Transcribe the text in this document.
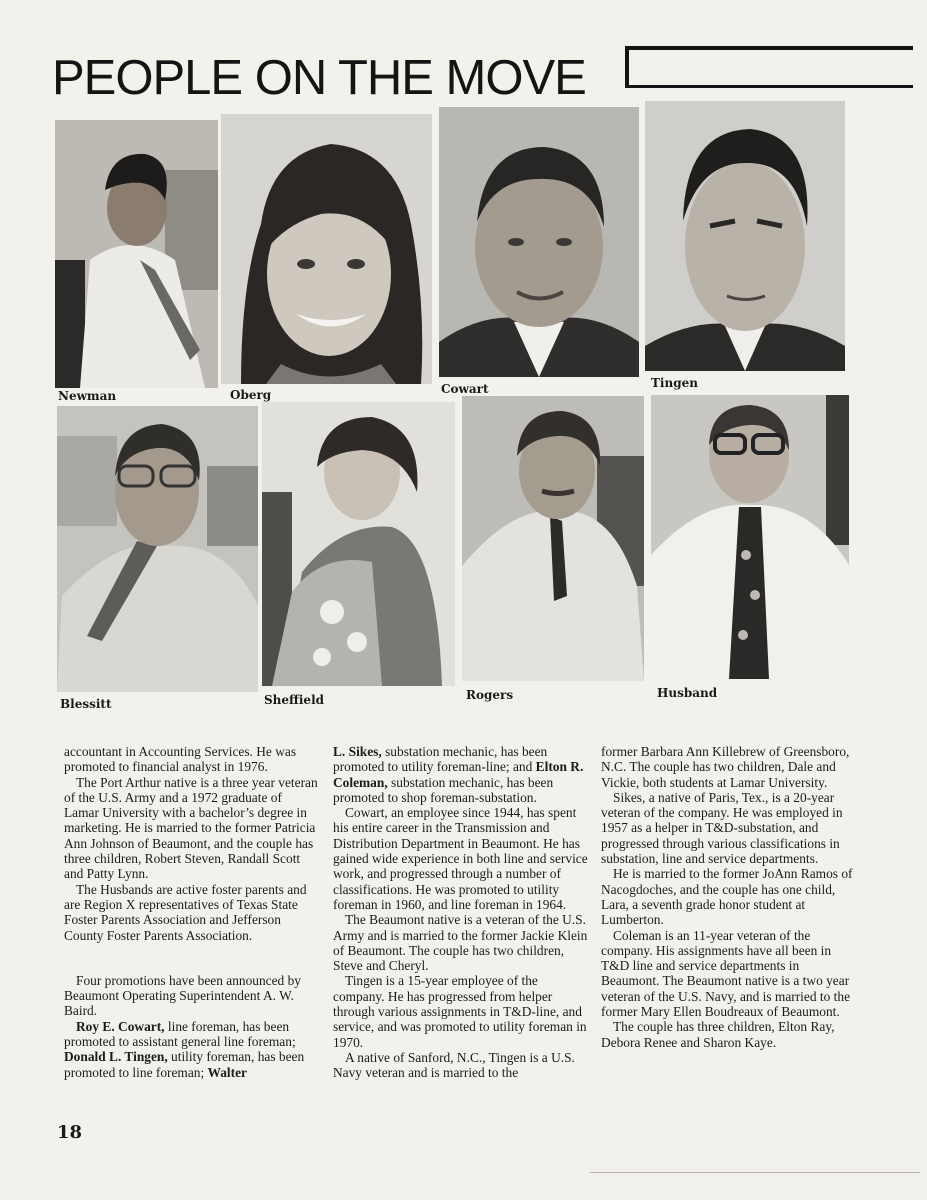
PEOPLE ON THE MOVE

Newman	Oberg	Cowart	Tingen

Blessitt	Sheffield	Rogers	Husband

accountant in Accounting Services. He was promoted to financial analyst in 1976.

The Port Arthur native is a three year veteran of the U.S. Army and a 1972 graduate of Lamar University with a bachelor’s degree in marketing. He is married to the former Patricia Ann Johnson of Beaumont, and the couple has three children, Robert Steven, Randall Scott and Patty Lynn.

The Husbands are active foster parents and are Region X representatives of Texas State Foster Parents Association and Jefferson County Foster Parents Association.

Four promotions have been announced by Beaumont Operating Superintendent A. W. Baird.

Roy E. Cowart, line foreman, has been promoted to assistant general line foreman; Donald L. Tingen, utility foreman, has been promoted to line foreman; Walter

L. Sikes, substation mechanic, has been promoted to utility foreman-line; and Elton R. Coleman, substation mechanic, has been promoted to shop foreman-substation.

Cowart, an employee since 1944, has spent his entire career in the Transmission and Distribution Department in Beaumont. He has gained wide experience in both line and service work, and progressed through a number of classifications. He was promoted to utility foreman in 1960, and line foreman in 1964.

The Beaumont native is a veteran of the U.S. Army and is married to the former Jackie Klein of Beaumont. The couple has two children, Steve and Cheryl.

Tingen is a 15-year employee of the company. He has progressed from helper through various assignments in T&D-line, and service, and was promoted to utility foreman in 1970.

A native of Sanford, N.C., Tingen is a U.S. Navy veteran and is married to the

former Barbara Ann Killebrew of Greensboro, N.C. The couple has two children, Dale and Vickie, both students at Lamar University.

Sikes, a native of Paris, Tex., is a 20-year veteran of the company. He was employed in 1957 as a helper in T&D-substation, and progressed through various classifications in substation, line and service departments.

He is married to the former JoAnn Ramos of Nacogdoches, and the couple has one child, Lara, a seventh grade honor student at Lumberton.

Coleman is an 11-year veteran of the company. His assignments have all been in T&D line and service departments in Beaumont. The Beaumont native is a two year veteran of the U.S. Navy, and is married to the former Mary Ellen Boudreaux of Beaumont.

The couple has three children, Elton Ray, Debora Renee and Sharon Kaye.

18
